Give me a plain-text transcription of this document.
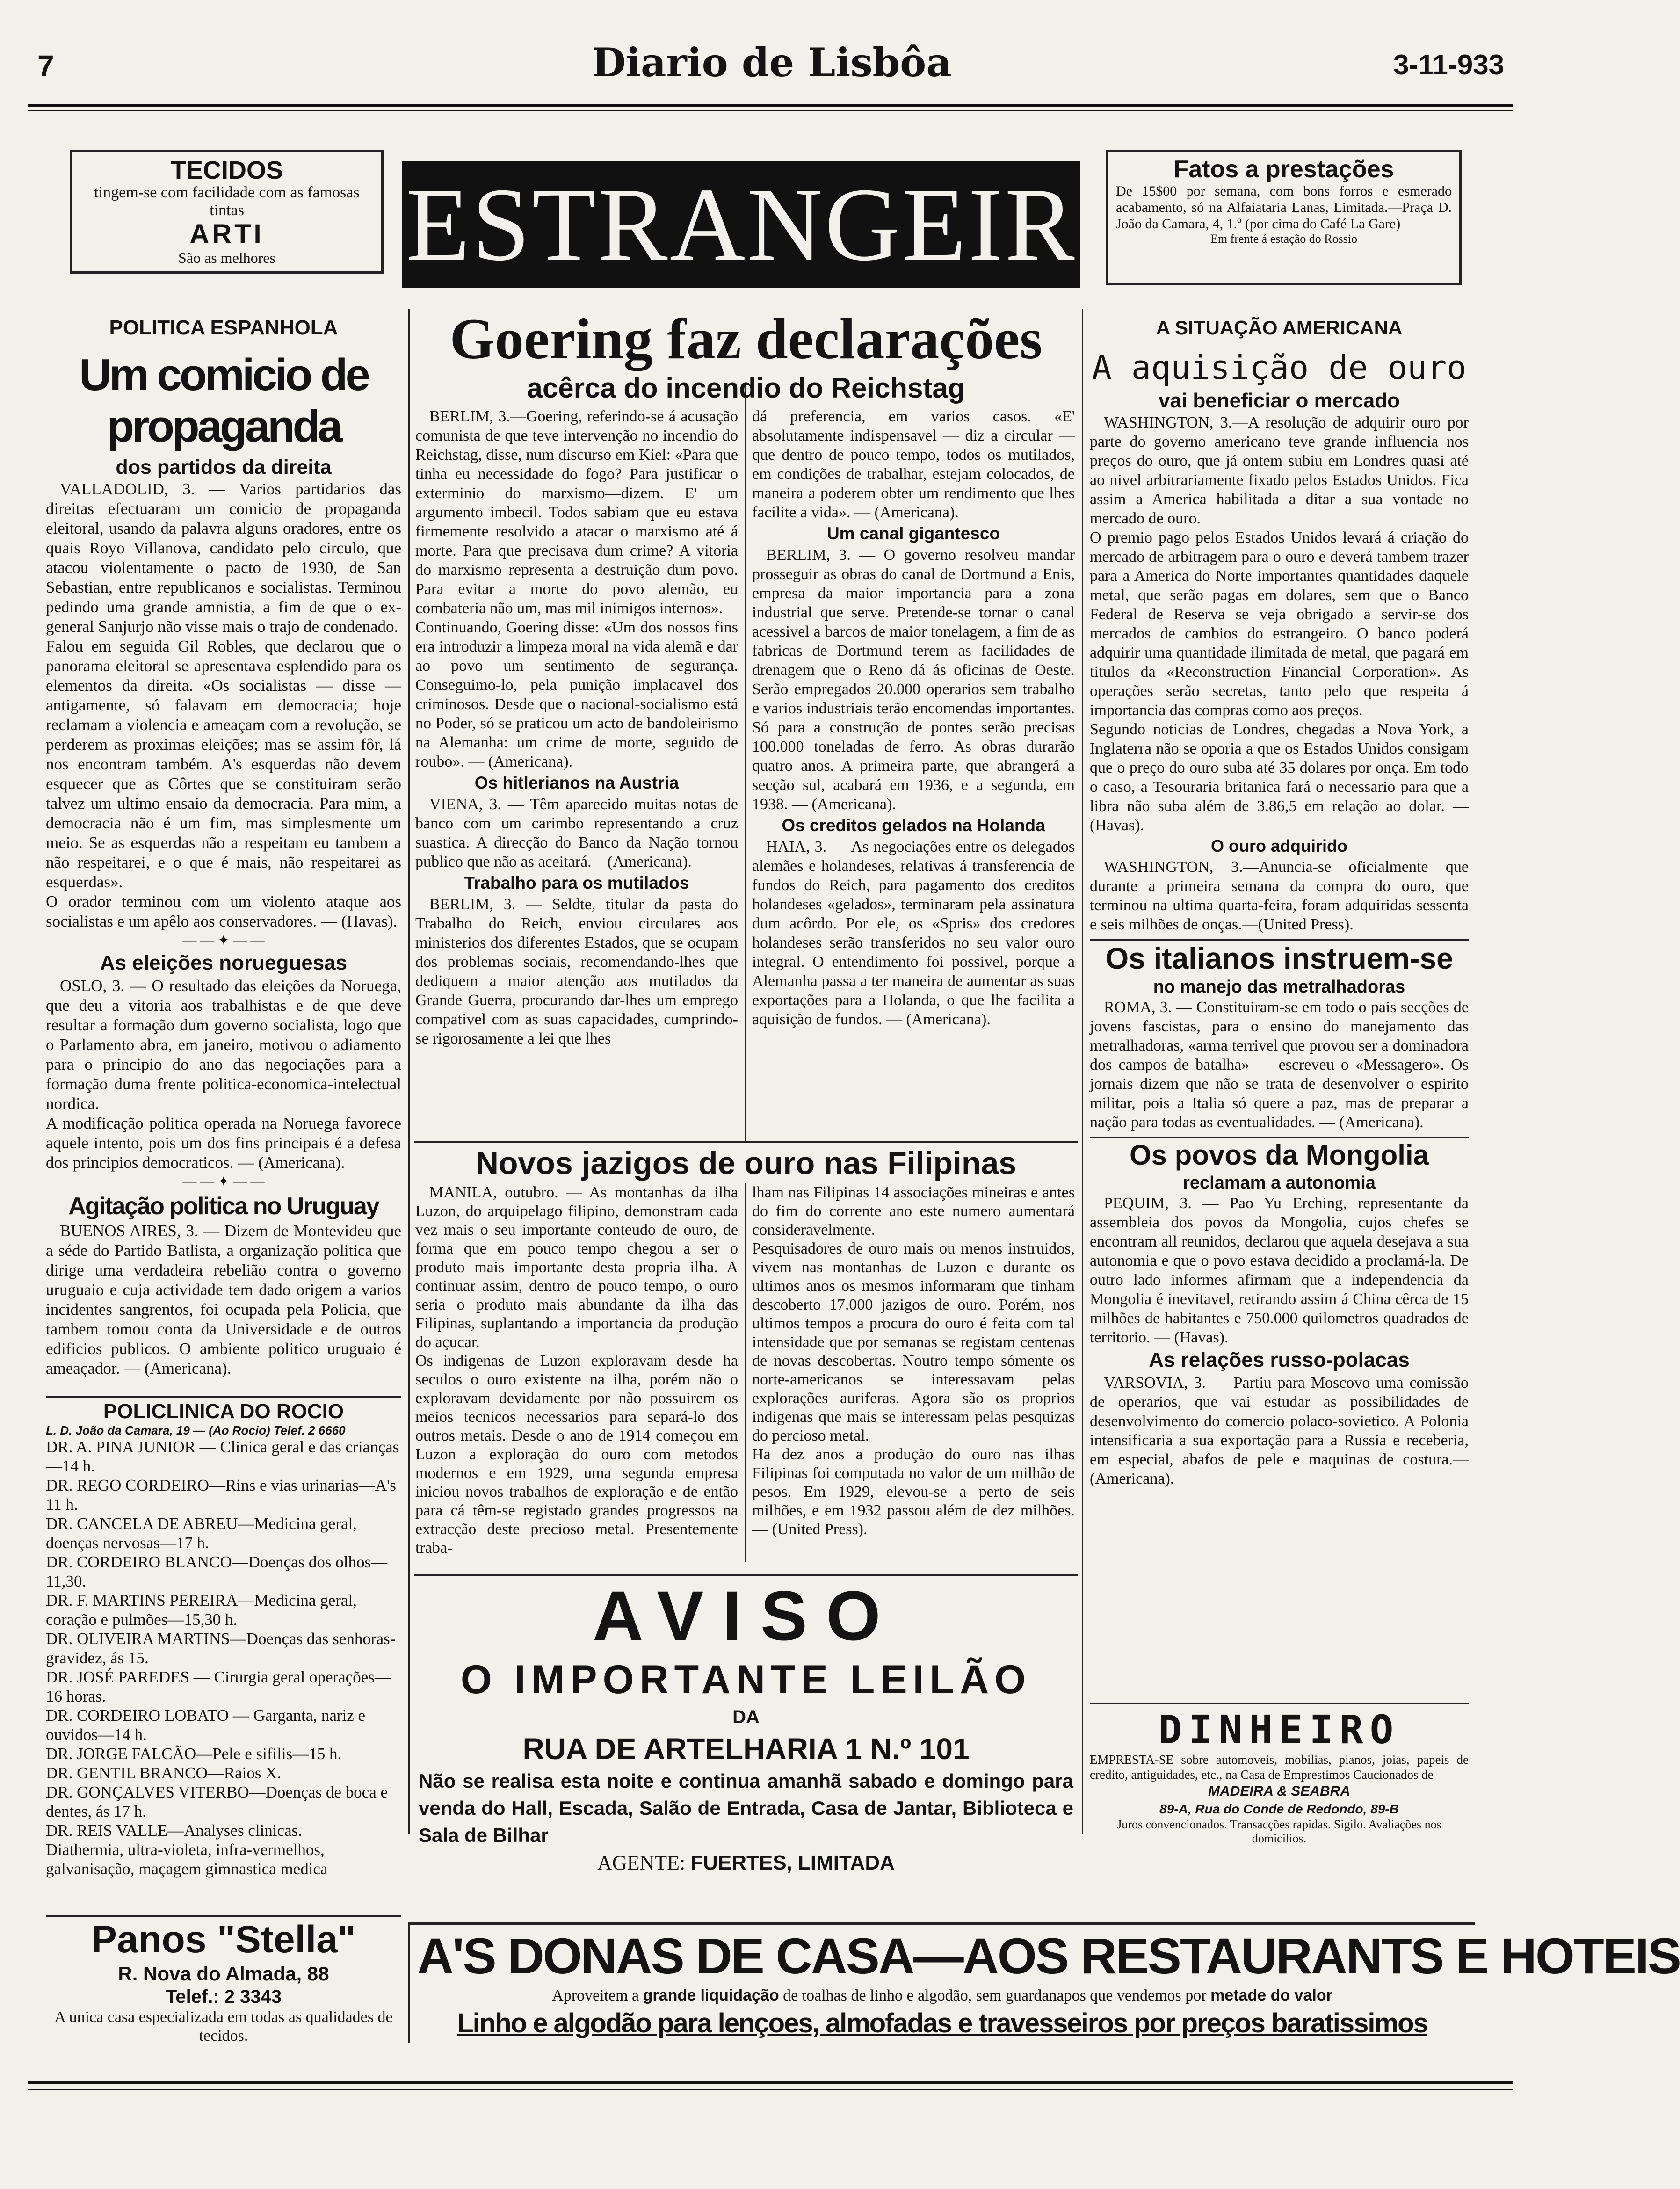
7	Diario de Lisbôa	3-11-933
TECIDOS
tingem-se com facilidade com as famosas tintas
ARTI
São as melhores	ESTRANGEIRO Fatos a prestações
De 15$00 por semana, com bons forros e esmerado acabamento, só na Alfaiataria Lanas, Limitada.—Praça D. João da Camara, 4, 1.º (por cima do Café La Gare)
Em frente á estação do Rossio
POLITICA ESPANHOLA
Um comicio de propaganda
dos partidos da direita
VALLADOLID, 3. — Varios partidarios das direitas efectuaram um comicio de propaganda eleitoral, usando da palavra alguns oradores, entre os quais Royo Villanova, candidato pelo circulo, que atacou violentamente o pacto de 1930, de San Sebastian, entre republicanos e socialistas. Terminou pedindo uma grande amnistia, a fim de que o ex-general Sanjurjo não visse mais o trajo de condenado.
Falou em seguida Gil Robles, que declarou que o panorama eleitoral se apresentava esplendido para os elementos da direita. «Os socialistas — disse — antigamente, só falavam em democracia; hoje reclamam a violencia e ameaçam com a revolução, se perderem as proximas eleições; mas se assim fôr, lá nos encontram também. A's esquerdas não devem esquecer que as Côrtes que se constituiram serão talvez um ultimo ensaio da democracia. Para mim, a democracia não é um fim, mas simplesmente um meio. Se as esquerdas não a respeitam eu tambem a não respeitarei, e o que é mais, não respeitarei as esquerdas».
O orador terminou com um violento ataque aos socialistas e um apêlo aos conservadores. — (Havas).
— — ✦ — —
As eleições norueguesas
OSLO, 3. — O resultado das eleições da Noruega, que deu a vitoria aos trabalhistas e de que deve resultar a formação dum governo socialista, logo que o Parlamento abra, em janeiro, motivou o adiamento para o principio do ano das negociações para a formação duma frente politica-economica-intelectual nordica.
A modificação politica operada na Noruega favorece aquele intento, pois um dos fins principais é a defesa dos principios democraticos. — (Americana).
— — ✦ — —
Agitação politica no Uruguay
BUENOS AIRES, 3. — Dizem de Montevideu que a séde do Partido Batlista, a organização politica que dirige uma verdadeira rebelião contra o governo uruguaio e cuja actividade tem dado origem a varios incidentes sangrentos, foi ocupada pela Policia, que tambem tomou conta da Universidade e de outros edificios publicos. O ambiente politico uruguaio é ameaçador. — (Americana).
POLICLINICA DO ROCIO
L. D. João da Camara, 19 — (Ao Rocio) Telef. 2 6660

DR. A. PINA JUNIOR — Clinica geral e das crianças—14 h.

DR. REGO CORDEIRO—Rins e vias urinarias—A's 11 h.

DR. CANCELA DE ABREU—Medicina geral, doenças nervosas—17 h.

DR. CORDEIRO BLANCO—Doenças dos olhos—11,30.

DR. F. MARTINS PEREIRA—Medicina geral, coração e pulmões—15,30 h.

DR. OLIVEIRA MARTINS—Doenças das senhoras-gravidez, ás 15.

DR. JOSÉ PAREDES — Cirurgia geral operações—16 horas.

DR. CORDEIRO LOBATO — Garganta, nariz e ouvidos—14 h.

DR. JORGE FALCÃO—Pele e sifilis—15 h.

DR. GENTIL BRANCO—Raios X.

DR. GONÇALVES VITERBO—Doenças de boca e dentes, ás 17 h.

DR. REIS VALLE—Analyses clinicas.

Diathermia, ultra-violeta, infra-vermelhos, galvanisação, maçagem gimnastica medica

Panos "Stella"
R. Nova do Almada, 88
Telef.: 2 3343
A unica casa especializada em todas as qualidades de tecidos.
Goering faz declarações
acêrca do incendio do Reichstag
BERLIM, 3.—Goering, referindo-se á acusação comunista de que teve intervenção no incendio do Reichstag, disse, num discurso em Kiel: «Para que tinha eu necessidade do fogo? Para justificar o exterminio do marxismo—dizem. E' um argumento imbecil. Todos sabiam que eu estava firmemente resolvido a atacar o marxismo até á morte. Para que precisava dum crime? A vitoria do marxismo representa a destruição dum povo. Para evitar a morte do povo alemão, eu combateria não um, mas mil inimigos internos».
Continuando, Goering disse: «Um dos nossos fins era introduzir a limpeza moral na vida alemã e dar ao povo um sentimento de segurança. Conseguimo-lo, pela punição implacavel dos criminosos. Desde que o nacional-socialismo está no Poder, só se praticou um acto de bandoleirismo na Alemanha: um crime de morte, seguido de roubo». — (Americana).
Os hitlerianos na Austria
VIENA, 3. — Têm aparecido muitas notas de banco com um carimbo representando a cruz suastica. A direcção do Banco da Nação tornou publico que não as aceitará.—(Americana).
Trabalho para os mutilados
BERLIM, 3. — Seldte, titular da pasta do Trabalho do Reich, enviou circulares aos ministerios dos diferentes Estados, que se ocupam dos problemas sociais, recomendando-lhes que dediquem a maior atenção aos mutilados da Grande Guerra, procurando dar-lhes um emprego compativel com as suas capacidades, cumprindo-se rigorosamente a lei que lhes
dá preferencia, em varios casos. «E' absolutamente indispensavel — diz a circular — que dentro de pouco tempo, todos os mutilados, em condições de trabalhar, estejam colocados, de maneira a poderem obter um rendimento que lhes facilite a vida». — (Americana).
Um canal gigantesco
BERLIM, 3. — O governo resolveu mandar prosseguir as obras do canal de Dortmund a Enis, empresa da maior importancia para a zona industrial que serve. Pretende-se tornar o canal acessivel a barcos de maior tonelagem, a fim de as fabricas de Dortmund terem as facilidades de drenagem que o Reno dá ás oficinas de Oeste. Serão empregados 20.000 operarios sem trabalho e varios industriais terão encomendas importantes. Só para a construção de pontes serão precisas 100.000 toneladas de ferro. As obras durarão quatro anos. A primeira parte, que abrangerá a secção sul, acabará em 1936, e a segunda, em 1938. — (Americana).
Os creditos gelados na Holanda
HAIA, 3. — As negociações entre os delegados alemães e holandeses, relativas á transferencia de fundos do Reich, para pagamento dos creditos holandeses «gelados», terminaram pela assinatura dum acôrdo. Por ele, os «Spris» dos credores holandeses serão transferidos no seu valor ouro integral. O entendimento foi possivel, porque a Alemanha passa a ter maneira de aumentar as suas exportações para a Holanda, o que lhe facilita a aquisição de fundos. — (Americana).
Novos jazigos de ouro nas Filipinas
MANILA, outubro. — As montanhas da ilha Luzon, do arquipelago filipino, demonstram cada vez mais o seu importante conteudo de ouro, de forma que em pouco tempo chegou a ser o produto mais importante desta propria ilha. A continuar assim, dentro de pouco tempo, o ouro seria o produto mais abundante da ilha das Filipinas, suplantando a importancia da produção do açucar.
Os indigenas de Luzon exploravam desde ha seculos o ouro existente na ilha, porém não o exploravam devidamente por não possuirem os meios tecnicos necessarios para separá-lo dos outros metais. Desde o ano de 1914 começou em Luzon a exploração do ouro com metodos modernos e em 1929, uma segunda empresa iniciou novos trabalhos de exploração e de então para cá têm-se registado grandes progressos na extracção deste precioso metal. Presentemente traba-
lham nas Filipinas 14 associações mineiras e antes do fim do corrente ano este numero aumentará consideravelmente.
Pesquisadores de ouro mais ou menos instruidos, vivem nas montanhas de Luzon e durante os ultimos anos os mesmos informaram que tinham descoberto 17.000 jazigos de ouro. Porém, nos ultimos tempos a procura do ouro é feita com tal intensidade que por semanas se registam centenas de novas descobertas. Noutro tempo sómente os norte-americanos se interessavam pelas explorações auriferas. Agora são os proprios indigenas que mais se interessam pelas pesquizas do percioso metal.
Ha dez anos a produção do ouro nas ilhas Filipinas foi computada no valor de um milhão de pesos. Em 1929, elevou-se a perto de seis milhões, e em 1932 passou além de dez milhões. — (United Press).
AVISO
O IMPORTANTE LEILÃO
DA
RUA DE ARTELHARIA 1 N.º 101
Não se realisa esta noite e continua amanhã sabado e domingo para venda do Hall, Escada, Salão de Entrada, Casa de Jantar, Biblioteca e Sala de Bilhar
AGENTE: FUERTES, LIMITADA
A SITUAÇÃO AMERICANA
A aquisição de ouro
vai beneficiar o mercado
WASHINGTON, 3.—A resolução de adquirir ouro por parte do governo americano teve grande influencia nos preços do ouro, que já ontem subiu em Londres quasi até ao nivel arbitrariamente fixado pelos Estados Unidos. Fica assim a America habilitada a ditar a sua vontade no mercado de ouro.
O premio pago pelos Estados Unidos levará á criação do mercado de arbitragem para o ouro e deverá tambem trazer para a America do Norte importantes quantidades daquele metal, que serão pagas em dolares, sem que o Banco Federal de Reserva se veja obrigado a servir-se dos mercados de cambios do estrangeiro. O banco poderá adquirir uma quantidade ilimitada de metal, que pagará em titulos da «Reconstruction Financial Corporation». As operações serão secretas, tanto pelo que respeita á importancia das compras como aos preços.
Segundo noticias de Londres, chegadas a Nova York, a Inglaterra não se oporia a que os Estados Unidos consigam que o preço do ouro suba até 35 dolares por onça. Em todo o caso, a Tesouraria britanica fará o necessario para que a libra não suba além de 3.86,5 em relação ao dolar. — (Havas).
O ouro adquirido
WASHINGTON, 3.—Anuncia-se oficialmente que durante a primeira semana da compra do ouro, que terminou na ultima quarta-feira, foram adquiridas sessenta e seis milhões de onças.—(United Press).
Os italianos instruem-se
no manejo das metralhadoras
ROMA, 3. — Constituiram-se em todo o pais secções de jovens fascistas, para o ensino do manejamento das metralhadoras, «arma terrivel que provou ser a dominadora dos campos de batalha» — escreveu o «Messagero». Os jornais dizem que não se trata de desenvolver o espirito militar, pois a Italia só quere a paz, mas de preparar a nação para todas as eventualidades. — (Americana).
Os povos da Mongolia
reclamam a autonomia
PEQUIM, 3. — Pao Yu Erching, representante da assembleia dos povos da Mongolia, cujos chefes se encontram all reunidos, declarou que aquela desejava a sua autonomia e que o povo estava decidido a proclamá-la. De outro lado informes afirmam que a independencia da Mongolia é inevitavel, retirando assim á China cêrca de 15 milhões de habitantes e 750.000 quilometros quadrados de territorio. — (Havas).
As relações russo-polacas
VARSOVIA, 3. — Partiu para Moscovo uma comissão de operarios, que vai estudar as possibilidades de desenvolvimento do comercio polaco-sovietico. A Polonia intensificaria a sua exportação para a Russia e receberia, em especial, abafos de pele e maquinas de costura.—(Americana).
DINHEIRO
EMPRESTA-SE sobre automoveis, mobilias, pianos, joias, papeis de credito, antiguidades, etc., na Casa de Emprestimos Caucionados de
MADEIRA & SEABRA
89-A, Rua do Conde de Redondo, 89-B
Juros convencionados. Transacções rapidas. Sigilo. Avaliações nos domicilios.
A'S DONAS DE CASA—AOS RESTAURANTS E HOTEIS
Aproveitem a grande liquidação de toalhas de linho e algodão, sem guardanapos que vendemos por metade do valor
Linho e algodão para lençoes, almofadas e travesseiros por preços baratissimos
